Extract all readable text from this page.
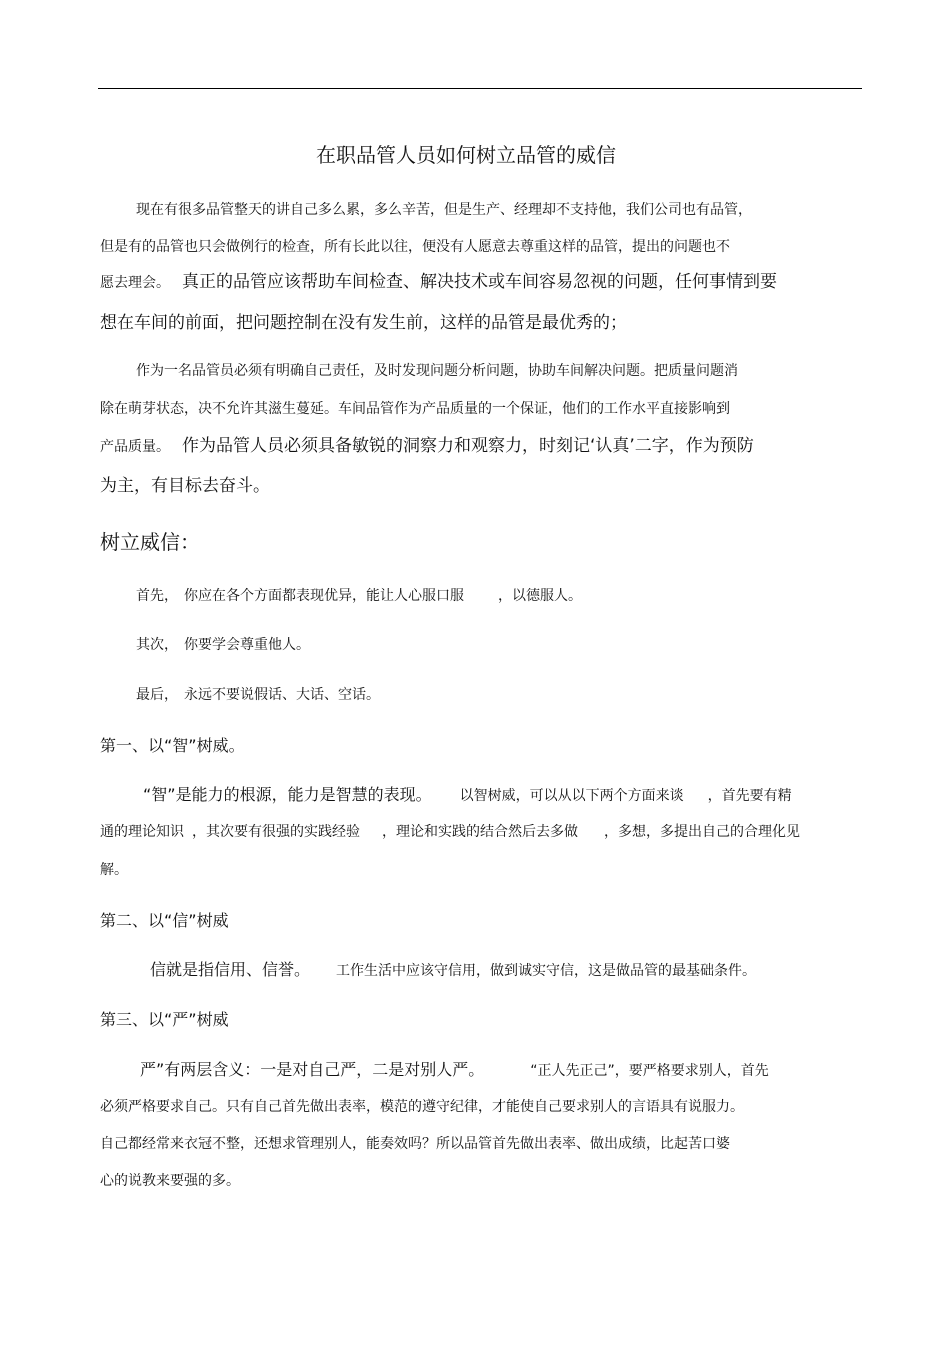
在职品管人员如何树立品管的威信
现在有很多品管整天的讲自己多么累，多么辛苦，但是生产、经理却不支持他，我们公司也有品管，
但是有的品管也只会做例行的检查，所有长此以往，便没有人愿意去尊重这样的品管，提出的问题也不
愿去理会。 真正的品管应该帮助车间检查、解决技术或车间容易忽视的问题，任何事情到要
想在车间的前面，把问题控制在没有发生前，这样的品管是最优秀的；
作为一名品管员必须有明确自己责任，及时发现问题分析问题，协助车间解决问题。把质量问题消
除在萌芽状态，决不允许其滋生蔓延。车间品管作为产品质量的一个保证，他们的工作水平直接影响到
产品质量。 作为品管人员必须具备敏锐的洞察力和观察力，时刻记‘认真’二字，作为预防
为主，有目标去奋斗。
树立威信：
首先， 你应在各个方面都表现优异，能让人心服口服 ，以德服人。
其次， 你要学会尊重他人。
最后， 永远不要说假话、大话、空话。
第一、以“智”树威。
“智”是能力的根源，能力是智慧的表现。 以智树威，可以从以下两个方面来谈 ，首先要有精
通的理论知识 ，其次要有很强的实践经验 ，理论和实践的结合然后去多做 ，多想，多提出自己的合理化见
解。
第二、以“信”树威
信就是指信用、信誉。 工作生活中应该守信用，做到诚实守信，这是做品管的最基础条件。
第三、以“严”树威
严”有两层含义：一是对自己严，二是对别人严。	“正人先正己”，要严格要求别人，首先
必须严格要求自己。只有自己首先做出表率，模范的遵守纪律，才能使自己要求别人的言语具有说服力。
自己都经常来衣冠不整，还想求管理别人，能奏效吗？所以品管首先做出表率、做出成绩，比起苦口婆
心的说教来要强的多。
